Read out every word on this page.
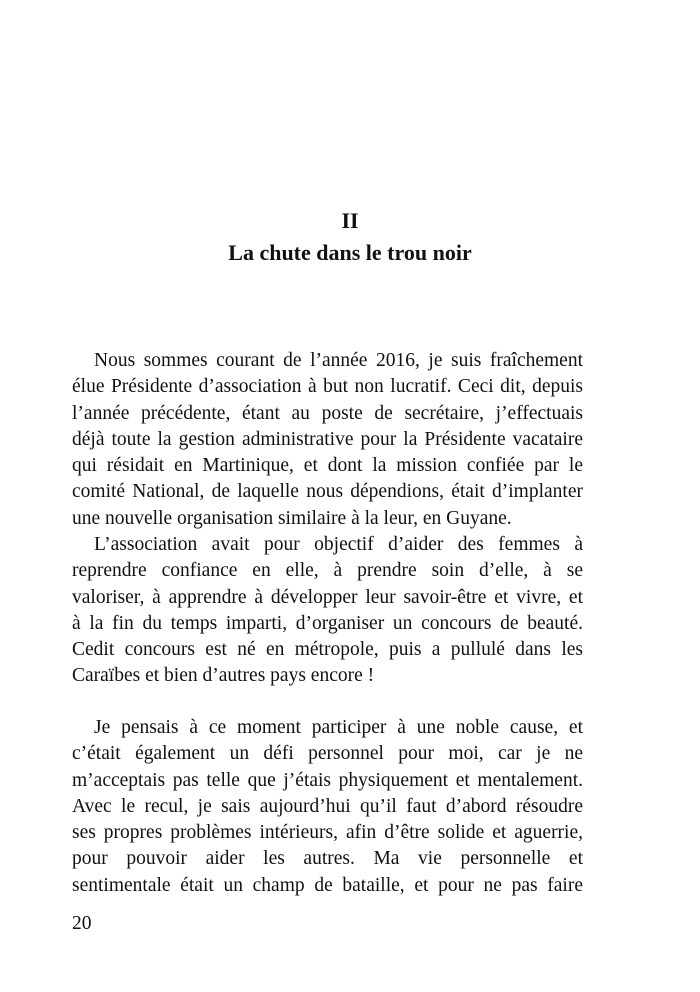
II
La chute dans le trou noir
Nous sommes courant de l’année 2016, je suis fraîchement
élue Présidente d’association à but non lucratif. Ceci dit, depuis
l’année précédente, étant au poste de secrétaire, j’effectuais
déjà toute la gestion administrative pour la Présidente vacataire
qui résidait en Martinique, et dont la mission confiée par le
comité National, de laquelle nous dépendions, était d’implanter
une nouvelle organisation similaire à la leur, en Guyane.
L’association avait pour objectif d’aider des femmes à
reprendre confiance en elle, à prendre soin d’elle, à se
valoriser, à apprendre à développer leur savoir-être et vivre, et
à la fin du temps imparti, d’organiser un concours de beauté.
Cedit concours est né en métropole, puis a pullulé dans les
Caraïbes et bien d’autres pays encore !
Je pensais à ce moment participer à une noble cause, et
c’était également un défi personnel pour moi, car je ne
m’acceptais pas telle que j’étais physiquement et mentalement.
Avec le recul, je sais aujourd’hui qu’il faut d’abord résoudre
ses propres problèmes intérieurs, afin d’être solide et aguerrie,
pour pouvoir aider les autres. Ma vie personnelle et
sentimentale était un champ de bataille, et pour ne pas faire
20
